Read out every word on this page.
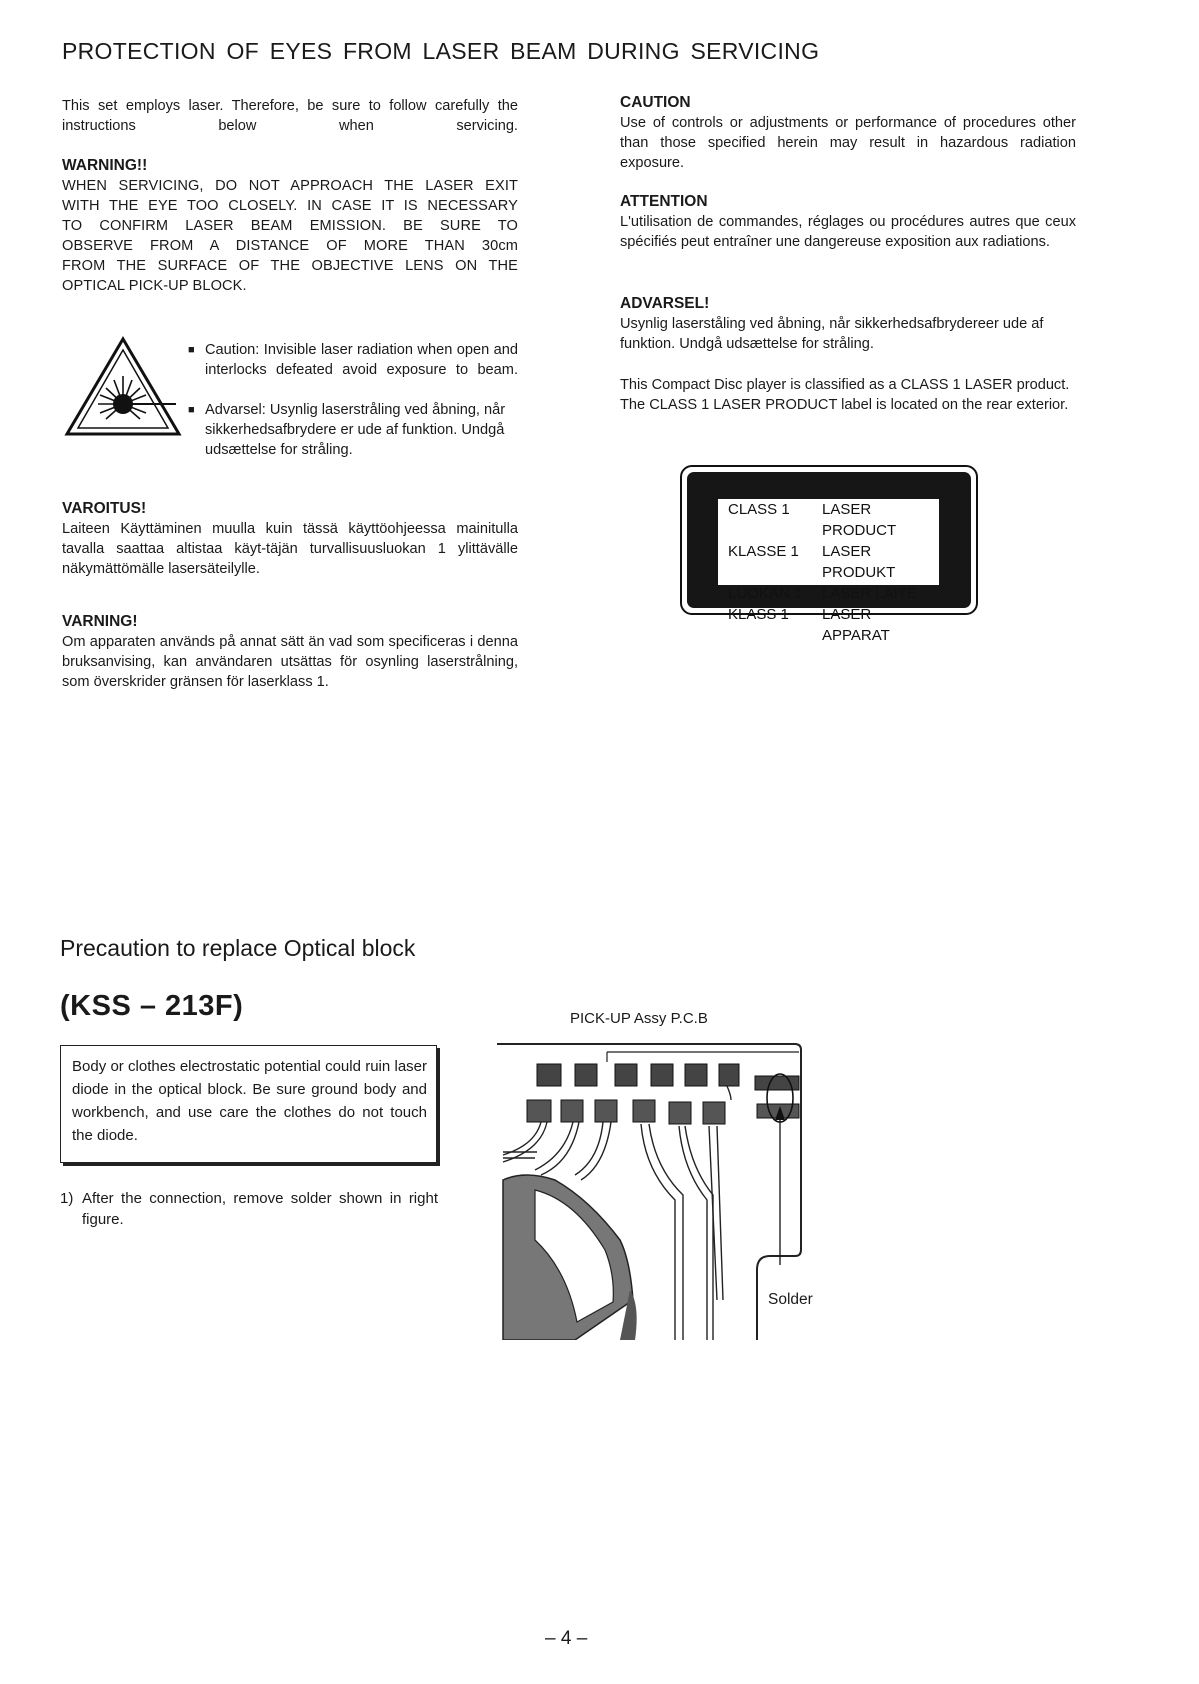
PROTECTION OF EYES FROM LASER BEAM DURING SERVICING

This set employs laser. Therefore, be sure to follow carefully the instructions below when servicing.

WARNING!!
WHEN SERVICING, DO NOT APPROACH THE LASER EXIT
WITH THE EYE TOO CLOSELY. IN CASE IT IS NECESSARY
TO CONFIRM LASER BEAM EMISSION. BE SURE TO
OBSERVE FROM A DISTANCE OF MORE THAN 30cm
FROM THE SURFACE OF THE OBJECTIVE LENS ON THE
OPTICAL PICK-UP BLOCK.
■ Caution: Invisible laser radiation when open and interlocks defeated avoid exposure to beam.
■ Advarsel: Usynlig laserstråling ved åbning, når sikkerhedsafbrydere er ude af funktion. Undgå udsættelse for stråling.
VAROITUS!

Laiteen Käyttäminen muulla kuin tässä käyttöohjeessa mainitulla tavalla saattaa altistaa käyt-täjän turvallisuusluokan 1 ylittävälle näkymättömälle lasersäteilylle.

VARNING!

Om apparaten används på annat sätt än vad som specificeras i denna bruksanvising, kan användaren utsättas för osynling laserstrålning, som överskrider gränsen för laserklass 1.

CAUTION

Use of controls or adjustments or performance of procedures other than those specified herein may result in hazardous radiation exposure.

ATTENTION

L'utilisation de commandes, réglages ou procédures autres que ceux spécifiés peut entraîner une dangereuse exposition aux radiations.

ADVARSEL!

Usynlig laserståling ved åbning, når sikkerhedsafbrydereer ude af funktion. Undgå udsættelse for stråling.

This Compact Disc player is classified as a CLASS 1 LASER product.

The CLASS 1 LASER PRODUCT label is located on the rear exterior.

CLASS 1	LASER PRODUCT
KLASSE 1	LASER PRODUKT
LUOKAN 1	LASER LAITE
KLASS 1	LASER APPARAT
Precaution to replace Optical block
(KSS – 213F)

Body or clothes electrostatic potential could ruin laser diode in the optical block. Be sure ground body and workbench, and use care the clothes do not touch the diode.

1) After the connection, remove solder shown in right figure.
PICK-UP Assy P.C.B
Solder
– 4 –
